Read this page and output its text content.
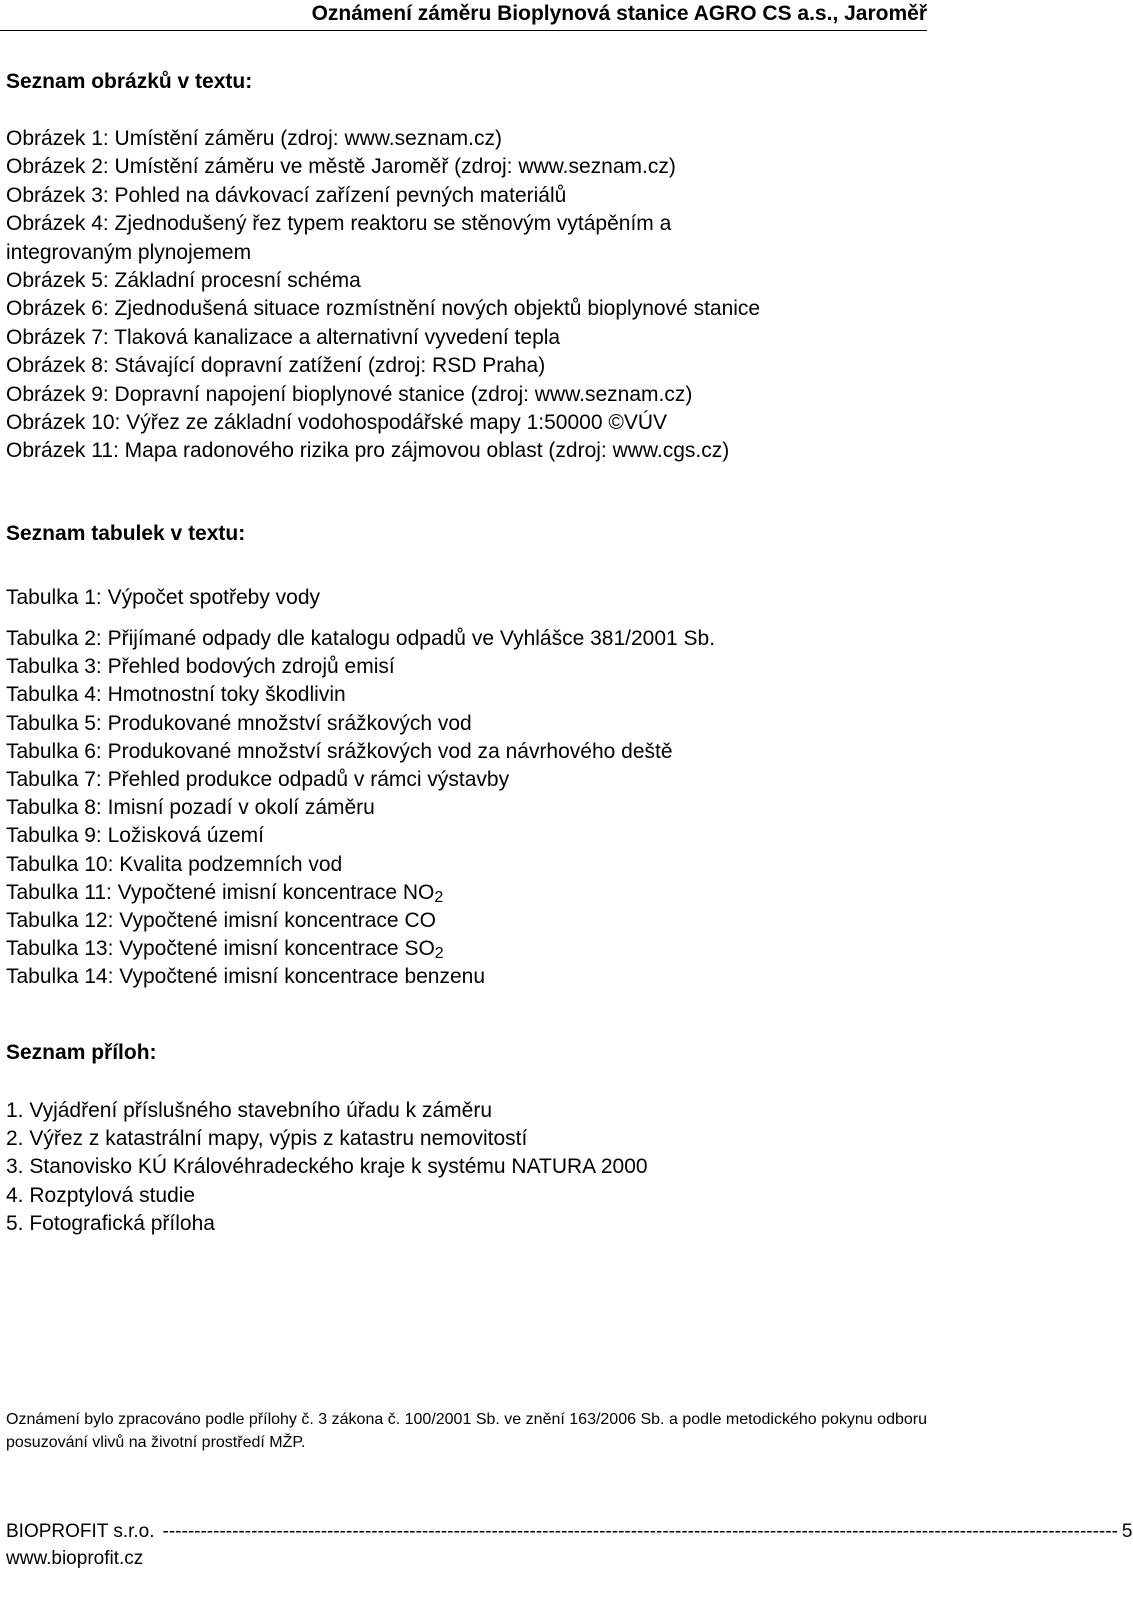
Oznámení záměru Bioplynová stanice AGRO CS a.s., Jaroměř
Seznam obrázků v textu:
Obrázek 1: Umístění záměru (zdroj: www.seznam.cz)
Obrázek 2: Umístění záměru ve městě Jaroměř (zdroj: www.seznam.cz)
Obrázek 3: Pohled na dávkovací zařízení pevných materiálů
Obrázek 4: Zjednodušený řez typem reaktoru se stěnovým vytápěním a
integrovaným plynojemem
Obrázek 5: Základní procesní schéma
Obrázek 6: Zjednodušená situace rozmístnění nových objektů bioplynové stanice
Obrázek 7: Tlaková kanalizace a alternativní vyvedení tepla
Obrázek 8: Stávající dopravní zatížení (zdroj: RSD Praha)
Obrázek 9: Dopravní napojení bioplynové stanice (zdroj: www.seznam.cz)
Obrázek 10: Výřez ze základní vodohospodářské mapy 1:50000 ©VÚV
Obrázek 11: Mapa radonového rizika pro zájmovou oblast (zdroj: www.cgs.cz)
Seznam tabulek v textu:
Tabulka 1: Výpočet spotřeby vody
Tabulka 2: Přijímané odpady dle katalogu odpadů ve Vyhlášce 381/2001 Sb.
Tabulka 3: Přehled bodových zdrojů emisí
Tabulka 4: Hmotnostní toky škodlivin
Tabulka 5: Produkované množství srážkových vod
Tabulka 6: Produkované množství srážkových vod za návrhového deště
Tabulka 7: Přehled produkce odpadů v rámci výstavby
Tabulka 8: Imisní pozadí v okolí záměru
Tabulka 9: Ložisková území
Tabulka 10: Kvalita podzemních vod
Tabulka 11: Vypočtené imisní koncentrace $NO_2$
Tabulka 12: Vypočtené imisní koncentrace CO
Tabulka 13: Vypočtené imisní koncentrace $SO_2$
Tabulka 14: Vypočtené imisní koncentrace benzenu
Seznam příloh:
1. Vyjádření příslušného stavebního úřadu k záměru
2. Výřez z katastrální mapy, výpis z katastru nemovitostí
3. Stanovisko KÚ Královéhradeckého kraje k systému NATURA 2000
4. Rozptylová studie
5. Fotografická příloha

Oznámení bylo zpracováno podle přílohy č. 3 zákona č. 100/2001 Sb. ve znění 163/2006 Sb. a podle metodického pokynu odboru posuzování vlivů na životní prostředí MŽP.

BIOPROFIT s.r.o. ------------------------------------------------------------------------------------------------------------------------------------------------------- 5
www.bioprofit.cz
